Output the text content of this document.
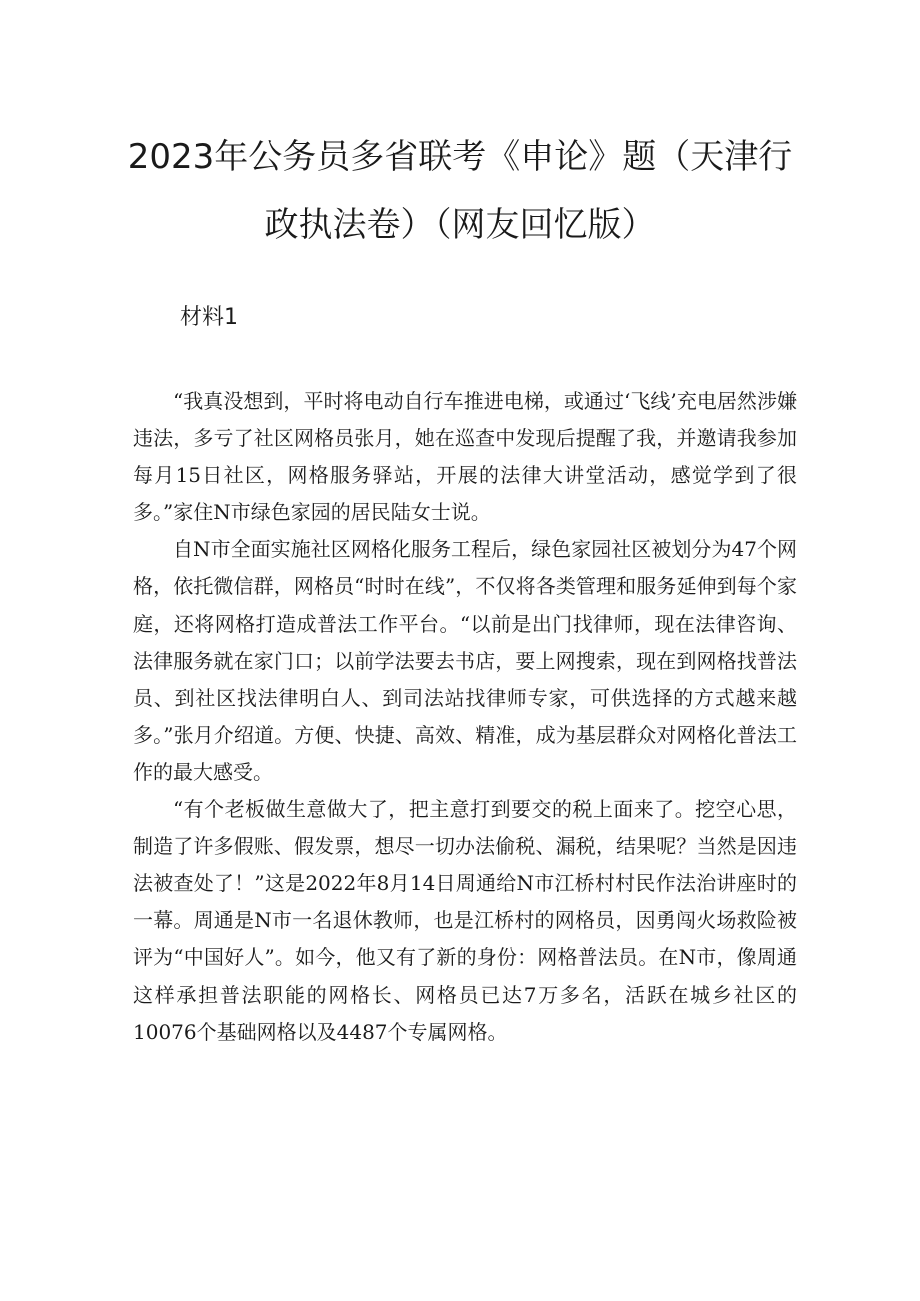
2023年公务员多省联考《申论》题（天津行
政执法卷）（网友回忆版）
材料1

“我真没想到，平时将电动自行车推进电梯，或通过‘飞线’充电居然涉嫌违法，多亏了社区网格员张月，她在巡查中发现后提醒了我，并邀请我参加每月15日社区，网格服务驿站，开展的法律大讲堂活动，感觉学到了很多。”家住N市绿色家园的居民陆女士说。

自N市全面实施社区网格化服务工程后，绿色家园社区被划分为47个网格，依托微信群，网格员“时时在线”，不仅将各类管理和服务延伸到每个家庭，还将网格打造成普法工作平台。“以前是出门找律师，现在法律咨询、法律服务就在家门口；以前学法要去书店，要上网搜索，现在到网格找普法员、到社区找法律明白人、到司法站找律师专家，可供选择的方式越来越多。”张月介绍道。方便、快捷、高效、精准，成为基层群众对网格化普法工作的最大感受。

“有个老板做生意做大了，把主意打到要交的税上面来了。挖空心思，制造了许多假账、假发票，想尽一切办法偷税、漏税，结果呢？当然是因违法被查处了！”这是2022年8月14日周通给N市江桥村村民作法治讲座时的一幕。周通是N市一名退休教师，也是江桥村的网格员，因勇闯火场救险被评为“中国好人”。如今，他又有了新的身份：网格普法员。在N市，像周通这样承担普法职能的网格长、网格员已达7万多名，活跃在城乡社区的10076个基础网格以及4487个专属网格。
